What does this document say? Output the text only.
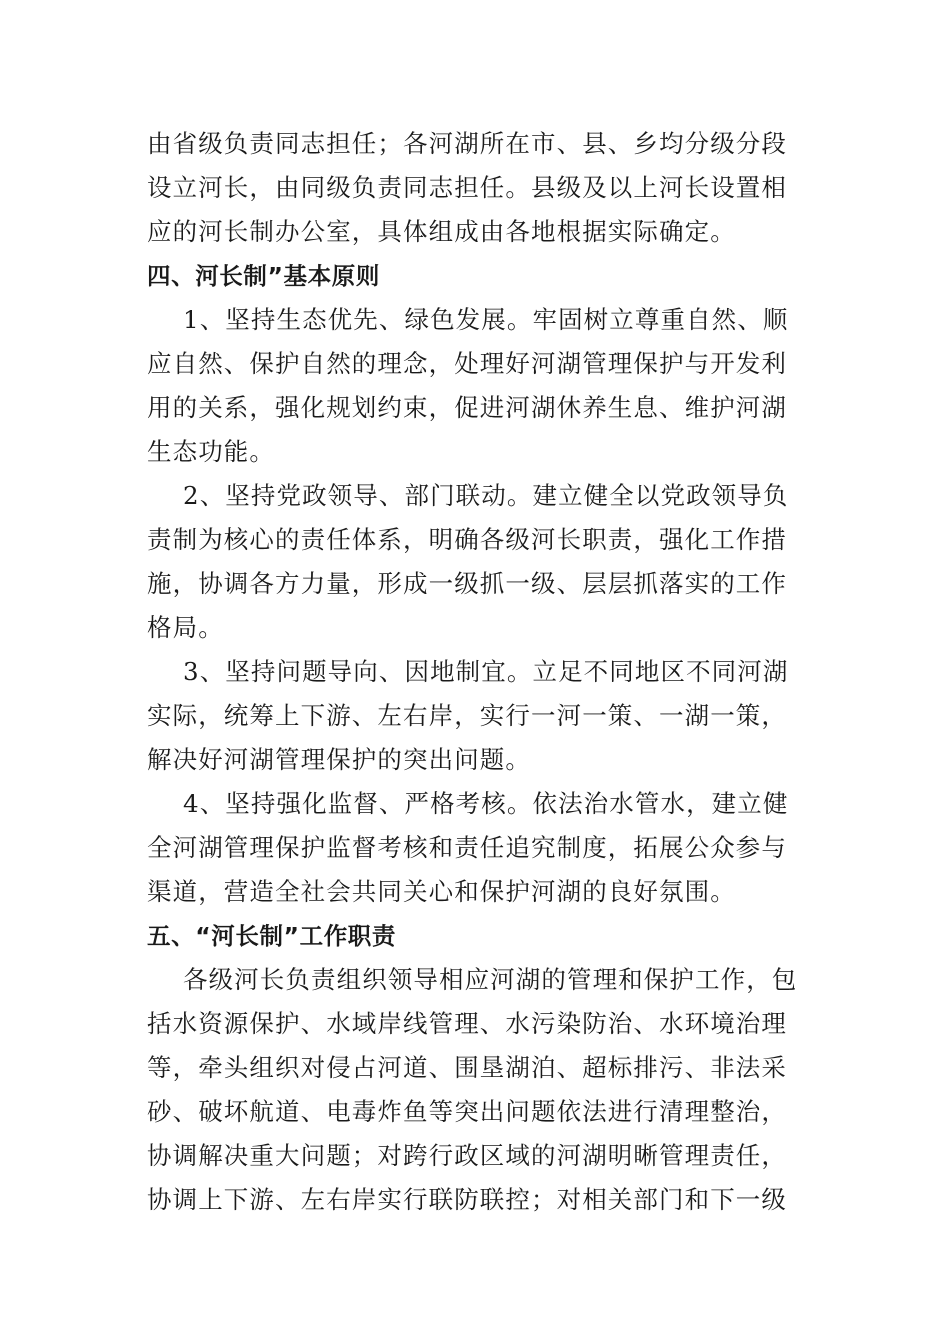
由省级负责同志担任；各河湖所在市、县、乡均分级分段
设立河长，由同级负责同志担任。县级及以上河长设置相
应的河长制办公室，具体组成由各地根据实际确定。
四、河长制”基本原则
1、坚持生态优先、绿色发展。牢固树立尊重自然、顺
应自然、保护自然的理念，处理好河湖管理保护与开发利
用的关系，强化规划约束，促进河湖休养生息、维护河湖
生态功能。
2、坚持党政领导、部门联动。建立健全以党政领导负
责制为核心的责任体系，明确各级河长职责，强化工作措
施，协调各方力量，形成一级抓一级、层层抓落实的工作
格局。
3、坚持问题导向、因地制宜。立足不同地区不同河湖
实际，统筹上下游、左右岸，实行一河一策、一湖一策，
解决好河湖管理保护的突出问题。
4、坚持强化监督、严格考核。依法治水管水，建立健
全河湖管理保护监督考核和责任追究制度，拓展公众参与
渠道，营造全社会共同关心和保护河湖的良好氛围。
五、“河长制”工作职责
各级河长负责组织领导相应河湖的管理和保护工作，包
括水资源保护、水域岸线管理、水污染防治、水环境治理
等，牵头组织对侵占河道、围垦湖泊、超标排污、非法采
砂、破坏航道、电毒炸鱼等突出问题依法进行清理整治，
协调解决重大问题；对跨行政区域的河湖明晰管理责任，
协调上下游、左右岸实行联防联控；对相关部门和下一级
